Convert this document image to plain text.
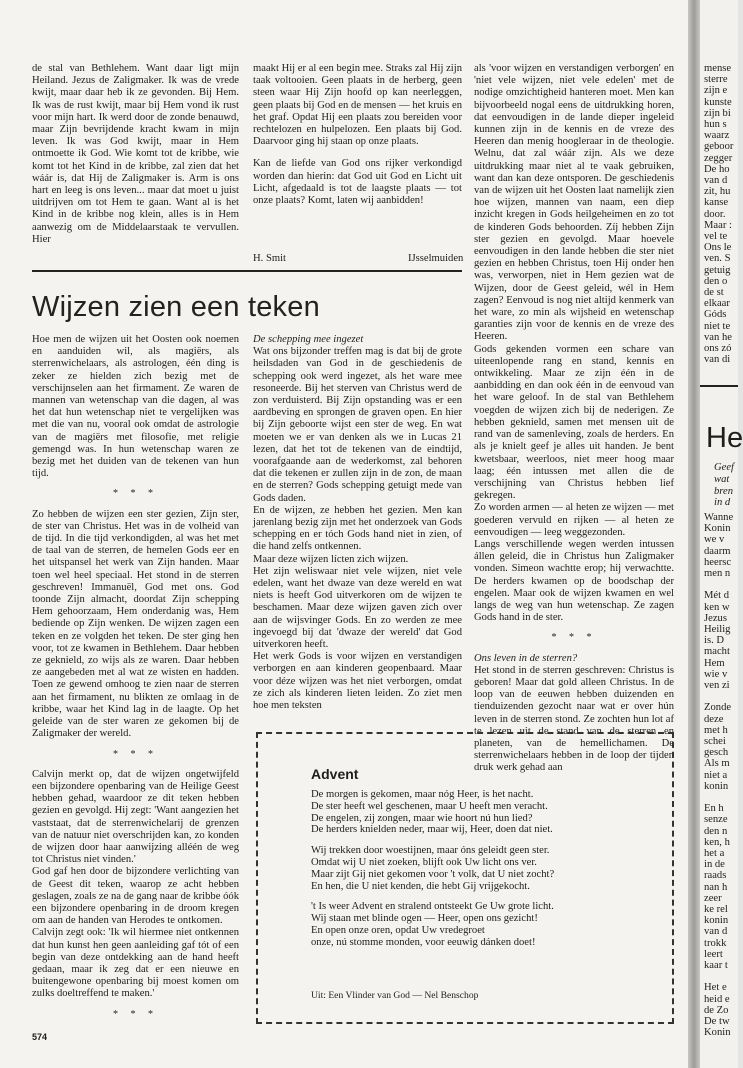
de stal van Bethlehem. Want daar ligt mijn Heiland. Jezus de Zaligmaker. Ik was de vrede kwijt, maar daar heb ik ze gevonden. Bij Hem. Ik was de rust kwijt, maar bij Hem vond ik rust voor mijn hart. Ik werd door de zonde benauwd, maar Zijn bevrijdende kracht kwam in mijn leven. Ik was God kwijt, maar in Hem ontmoette ik God. Wie komt tot de kribbe, wie komt tot het Kind in de kribbe, zal zien dat het wáár is, dat Hij de Zaligmaker is. Arm is ons hart en leeg is ons leven... maar dat moet u juist uitdrijven om tot Hem te gaan. Want al is het Kind in de kribbe nog klein, alles is in Hem aanwezig om de Middelaarstaak te vervullen. Hier

maakt Hij er al een begin mee. Straks zal Hij zijn taak voltooien. Geen plaats in de herberg, geen steen waar Hij Zijn hoofd op kan neerleggen, geen plaats bij God en de mensen — het kruis en het graf. Opdat Hij een plaats zou bereiden voor rechtelozen en hulpelozen. Een plaats bij God. Daarvoor ging hij staan op onze plaats.

Kan de liefde van God ons rijker verkondigd worden dan hierin: dat God uit God en Licht uit Licht, afgedaald is tot de laagste plaats — tot onze plaats? Komt, laten wij aanbidden!

H. Smit	IJsselmuiden

als 'voor wijzen en verstandigen verborgen' en 'niet vele wijzen, niet vele edelen' met de nodige omzichtigheid hanteren moet. Men kan bijvoorbeeld nogal eens de uitdrukking horen, dat eenvoudigen in de lande dieper ingeleid kunnen zijn in de kennis en de vreze des Heeren dan menig hoogleraar in de theologie. Welnu, dat zal wáár zijn. Als we deze uitdrukking maar niet al te vaak gebruiken, want dan kan deze ontsporen. De geschiedenis van de wijzen uit het Oosten laat namelijk zien hoe wijzen, mannen van naam, een diep inzicht kregen in Gods heilgeheimen en zo tot de kinderen Gods behoorden. Zíj hebben Zijn ster gezien en gevolgd. Maar hoevele eenvoudigen in den lande hebben die ster niet gezien en hebben Christus, toen Hij onder hen was, verworpen, niet in Hem gezien wat de Wijzen, door de Geest geleid, wél in Hem zagen? Eenvoud is nog niet altijd kenmerk van het ware, zo min als wijsheid en wetenschap garanties zijn voor de kennis en de vreze des Heeren.

Gods gekenden vormen een schare van uiteenlopende rang en stand, kennis en ontwikkeling. Maar ze zijn één in de aanbidding en dan ook één in de eenvoud van het ware geloof. In de stal van Bethlehem voegden de wijzen zich bij de nederigen. Ze hebben geknield, samen met mensen uit de rand van de samenleving, zoals de herders. En als je knielt geef je alles uit handen. Je bent kwetsbaar, weerloos, niet meer hoog maar laag; één intussen met allen die de verschijning van Christus hebben lief gekregen.

Zo worden armen — al heten ze wijzen — met goederen vervuld en rijken — al heten ze eenvoudigen — leeg weggezonden.

Langs verschillende wegen werden intussen állen geleid, die in Christus hun Zaligmaker vonden. Simeon wachtte erop; hij verwachtte. De herders kwamen op de boodschap der engelen. Maar ook de wijzen kwamen en wel langs de weg van hun wetenschap. Ze zagen Gods hand in de ster.

* * *

Ons leven in de sterren?

Het stond in de sterren geschreven: Christus is geboren! Maar dat gold alleen Christus. In de loop van de eeuwen hebben duizenden en tienduizenden gezocht naar wat er over hún leven in de sterren stond. Ze zochten hun lot af te lezen uit de stand van de sterren en planeten, van de hemellichamen. De sterrenwichelaars hebben in de loop der tijden druk werk gehad aan

Wijzen zien een teken

Hoe men de wijzen uit het Oosten ook noemen en aanduiden wil, als magiërs, als sterrenwichelaars, als astrologen, één ding is zeker ze hielden zich bezig met de verschijnselen aan het firmament. Ze waren de mannen van wetenschap van die dagen, al was het dat hun wetenschap niet te vergelijken was met die van nu, vooral ook omdat de astrologie van de magiërs met filosofie, met religie gemengd was. In hun wetenschap waren ze bezig met het duiden van de tekenen van hun tijd.

* * *

Zo hebben de wijzen een ster gezien, Zijn ster, de ster van Christus. Het was in de volheid van de tijd. In die tijd verkondigden, al was het met de taal van de sterren, de hemelen Gods eer en het uitspansel het werk van Zijn handen. Maar toen wel heel speciaal. Het stond in de sterren geschreven! Immanuël, God met ons. God toonde Zijn almacht, doordat Zijn schepping Hem gehoorzaam, Hem onderdanig was, Hem bediende op Zijn wenken. De wijzen zagen een teken en ze volgden het teken. De ster ging hen voor, tot ze kwamen in Bethlehem. Daar hebben ze geknield, zo wijs als ze waren. Daar hebben ze aangebeden met al wat ze wisten en hadden. Toen ze gewend omhoog te zien naar de sterren aan het firmament, nu blikten ze omlaag in de kribbe, waar het Kind lag in de laagte. Op het geleide van de ster waren ze gekomen bij de Zaligmaker der wereld.

* * *

Calvijn merkt op, dat de wijzen ongetwijfeld een bijzondere openbaring van de Heilige Geest hebben gehad, waardoor ze dit teken hebben gezien en gevolgd. Hij zegt: 'Want aangezien het vaststaat, dat de sterrenwichelarij de grenzen van de natuur niet overschrijden kan, zo konden de wijzen door haar aanwijzing alléén de weg tot Christus niet vinden.'

God gaf hen door de bijzondere verlichting van de Geest dit teken, waarop ze acht hebben geslagen, zoals ze na de gang naar de kribbe óók een bijzondere openbaring in de droom kregen om aan de handen van Herodes te ontkomen.

Calvijn zegt ook: 'Ik wil hiermee niet ontkennen dat hun kunst hen geen aanleiding gaf tót of een begin van deze ontdekking aan de hand heeft gedaan, maar ik zeg dat er een nieuwe en buitengewone openbaring bij moest komen om zulks doeltreffend te maken.'

* * *

De schepping mee ingezet

Wat ons bijzonder treffen mag is dat bij de grote heilsdaden van God in de geschiedenis de schepping ook werd ingezet, als het ware mee resoneerde. Bij het sterven van Christus werd de zon verduisterd. Bij Zijn opstanding was er een aardbeving en sprongen de graven open. En hier bij Zijn geboorte wijst een ster de weg. En wat moeten we er van denken als we in Lucas 21 lezen, dat het tot de tekenen van de eindtijd, voorafgaande aan de wederkomst, zal behoren dat die tekenen er zullen zijn in de zon, de maan en de sterren? Gods schepping getuigt mede van Gods daden.

En de wijzen, ze hebben het gezien. Men kan jarenlang bezig zijn met het onderzoek van Gods schepping en er tóch Gods hand niet in zien, of die hand zelfs ontkennen.

Maar deze wijzen lícten zich wijzen.

Het zijn weliswaar niet vele wijzen, niet vele edelen, want het dwaze van deze wereld en wat niets is heeft God uitverkoren om de wijzen te beschamen. Maar deze wijzen gaven zich over aan de wijsvinger Gods. En zo werden ze mee ingevoegd bij dat 'dwaze der wereld' dat God uitverkoren heeft.

Het werk Gods is voor wijzen en verstandigen verborgen en aan kinderen geopenbaard. Maar voor déze wijzen was het niet verborgen, omdat ze zich als kinderen lieten leiden. Zo ziet men hoe men teksten

Advent
De morgen is gekomen, maar nóg Heer, is het nacht.
De ster heeft wel geschenen, maar U heeft men veracht.
De engelen, zij zongen, maar wie hoort nú hun lied?
De herders knielden neder, maar wij, Heer, doen dat niet.
Wij trekken door woestijnen, maar óns geleidt geen ster.
Omdat wij U niet zoeken, blijft ook Uw licht ons ver.
Maar zijt Gij niet gekomen voor 't volk, dat U niet zocht?
En hen, die U niet kenden, die hebt Gij vrijgekocht.
't Is weer Advent en stralend ontsteekt Ge Uw grote licht.
Wij staan met blinde ogen — Heer, open ons gezicht!
En open onze oren, opdat Uw vredegroet
onze, nú stomme monden, voor eeuwig dánken doet!
Uit: Een Vlinder van God — Nel Benschop
574
mense
sterre
zijn e
kunste
zijn bi
hun s
waarz
geboor
zegger
De ho
van d
zit, hu
kanse
door.
Maar :
vel te
Ons le
ven. S
getuig
den o
de st
elkaar
Góds
niet te
van he
ons zó
van di
He
Geef
wat
bren
in d
Wanne
Konin
we v
daarm
heersc
men n
Mét d
ken w
Jezus
Heilig
is. D
macht
Hem
wie v
ven zi
Zonde
deze
met h
schei
gesch
Als m
niet a
konin
En h
senze
den n
ken, h
het a
in de
raads
nan h
zeer
ke rel
konin
van d
trokk
leert
kaar t
Het e
heid e
de Zo
De tw
Konin
